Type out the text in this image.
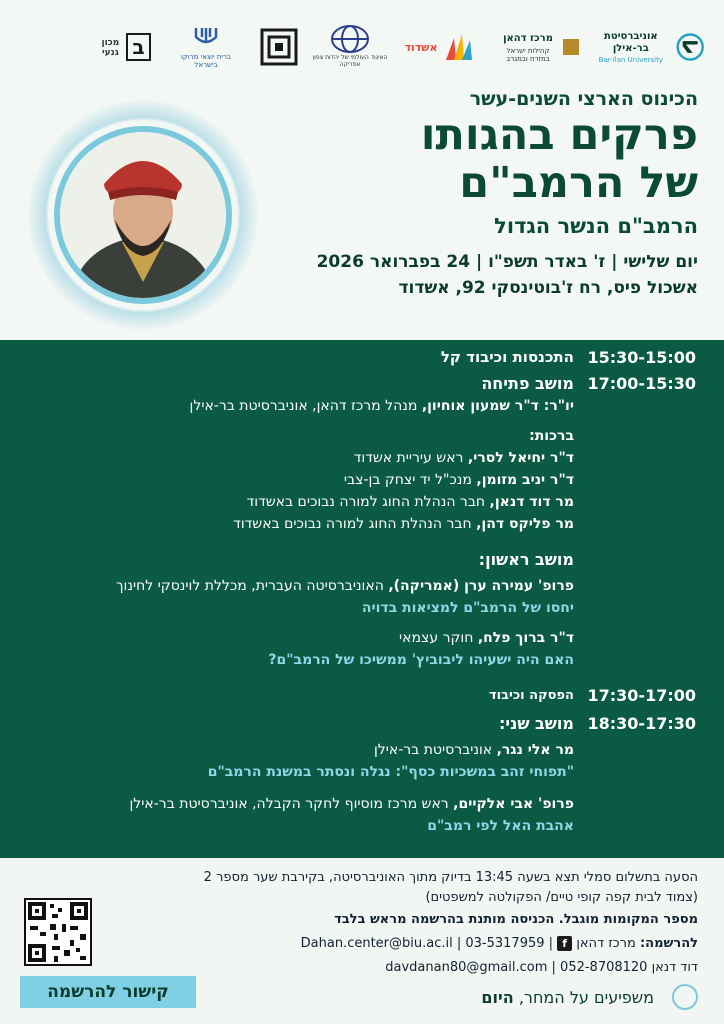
אוניברסיטת בר-אילן
Bar-Ilan University
מרכז דהאן
קהילות ישראל במזרח ובמגרב
אשדוד
האיגוד העולמי של יהדות צפון אפריקה
ברית יוצאי מרוקו בישראל
ב
מכון גנעי
הכינוס הארצי השנים-עשר
פרקים בהגותו
של הרמב"ם
הרמב"ם הנשר הגדול
יום שלישי | ז' באדר תשפ"ו | 24 בפברואר 2026
אשכול פיס, רח ז'בוטינסקי 92, אשדוד
15:30-15:00
התכנסות וכיבוד קל
17:00-15:30
מושב פתיחה
יו"ר: ד"ר שמעון אוחיון, מנהל מרכז דהאן, אוניברסיטת בר-אילן
ברכות:
ד"ר יחיאל לסרי, ראש עיריית אשדוד
ד"ר יניב מזומן, מנכ"ל יד יצחק בן-צבי
מר דוד דנאן, חבר הנהלת החוג למורה נבוכים באשדוד
מר פליקס דהן, חבר הנהלת החוג למורה נבוכים באשדוד
מושב ראשון:
פרופ' עמירה ערן (אמריקה), האוניברסיטה העברית, מכללת לוינסקי לחינוך
יחסו של הרמב"ם למציאות בדויה
ד"ר ברוך פלח, חוקר עצמאי
האם היה ישעיהו ליבוביץ' ממשיכו של הרמב"ם?
17:30-17:00
הפסקה וכיבוד
18:30-17:30
מושב שני:
מר אלי נגר, אוניברסיטת בר-אילן
"תפוחי זהב במשכיות כסף": נגלה ונסתר במשנת הרמב"ם
פרופ' אבי אלקיים, ראש מרכז מוסיוף לחקר הקבלה, אוניברסיטת בר-אילן
אהבת האל לפי רמב"ם
הסעה בתשלום סמלי תצא בשעה 13:45 בדיוק מתוך האוניברסיטה, בקירבת שער מספר 2
(צמוד לבית קפה קופי טיים/ הפקולטה למשפטים)
מספר המקומות מוגבל. הכניסה מותנת בהרשמה מראש בלבד
להרשמה: מרכז דהאן f | Dahan.center@biu.ac.il | 03-5317959
דוד דנאן 052-8708120 | davdanan80@gmail.com
קישור להרשמה	משפיעים על המחר, היום
